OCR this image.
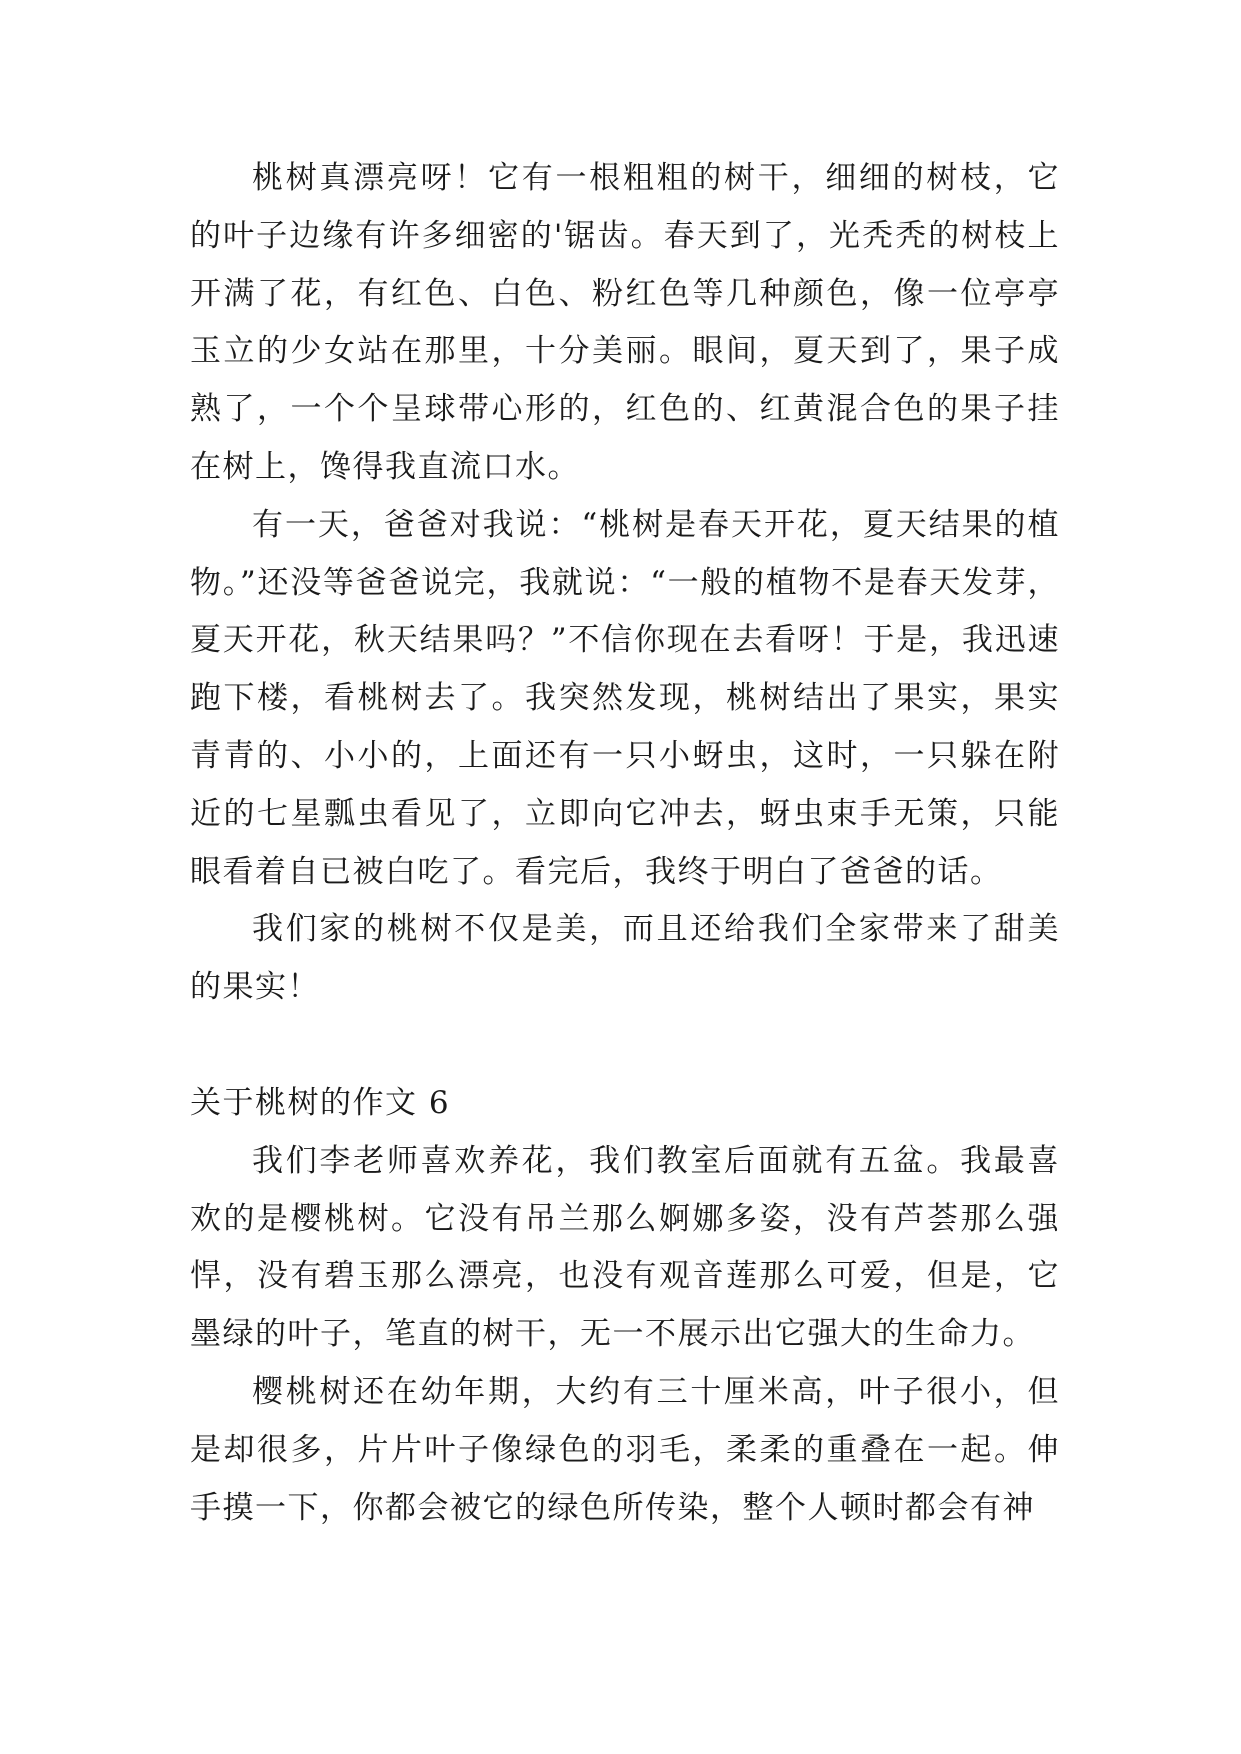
桃树真漂亮呀！它有一根粗粗的树干，细细的树枝，它的叶子边缘有许多细密的'锯齿。春天到了，光秃秃的树枝上开满了花，有红色、白色、粉红色等几种颜色，像一位亭亭玉立的少女站在那里，十分美丽。眼间，夏天到了，果子成熟了，一个个呈球带心形的，红色的、红黄混合色的果子挂在树上，馋得我直流口水。

有一天，爸爸对我说：“桃树是春天开花，夏天结果的植物。”还没等爸爸说完，我就说：“一般的植物不是春天发芽，夏天开花，秋天结果吗？”不信你现在去看呀！于是，我迅速跑下楼，看桃树去了。我突然发现，桃树结出了果实，果实青青的、小小的，上面还有一只小蚜虫，这时，一只躲在附近的七星瓢虫看见了，立即向它冲去，蚜虫束手无策，只能眼看着自已被白吃了。看完后，我终于明白了爸爸的话。

我们家的桃树不仅是美，而且还给我们全家带来了甜美的果实！

关于桃树的作文 6

我们李老师喜欢养花，我们教室后面就有五盆。我最喜欢的是樱桃树。它没有吊兰那么婀娜多姿，没有芦荟那么强悍，没有碧玉那么漂亮，也没有观音莲那么可爱，但是，它墨绿的叶子，笔直的树干，无一不展示出它强大的生命力。

樱桃树还在幼年期，大约有三十厘米高，叶子很小，但是却很多，片片叶子像绿色的羽毛，柔柔的重叠在一起。伸手摸一下，你都会被它的绿色所传染，整个人顿时都会有神
